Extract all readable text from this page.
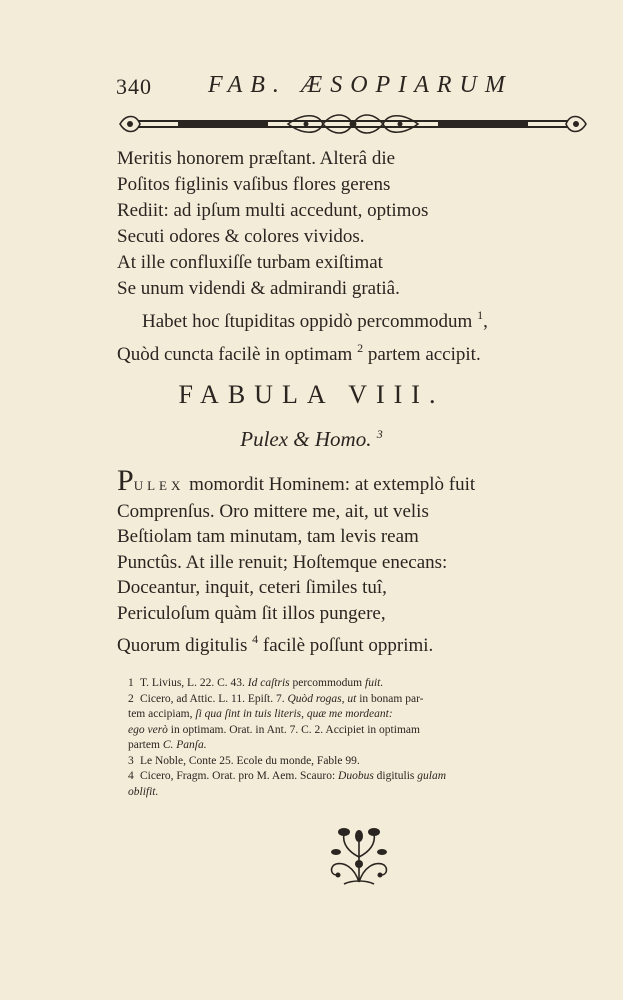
340 FAB. ÆSOPIARUM
Meritis honorem præſtant. Alterâ die
Poſitos figlinis vaſibus flores gerens
Rediit: ad ipſum multi accedunt, optimos
Secuti odores & colores vividos.
At ille confluxiſſe turbam exiſtimat
Se unum videndi & admirandi gratiâ.
Habet hoc ſtupiditas oppidò percommodum $^1$,
Quòd cuncta facilè in optimam $^2$ partem accipit.
FABULA VIII.
Pulex & Homo. $^3$
PULEX momordit Hominem: at extemplò fuit
Comprenſus. Oro mittere me, ait, ut velis
Beſtiolam tam minutam, tam levis ream
Punctûs. At ille renuit; Hoſtemque enecans:
Doceantur, inquit, ceteri ſimiles tuî,
Periculoſum quàm ſit illos pungere,
Quorum digitulis $^4$ facilè poſſunt opprimi.
1 T. Livius, L. 22. C. 43. Id caſtris percommodum fuit.
2 Cicero, ad Attic. L. 11. Epiſt. 7. Quòd rogas, ut in bonam par-
tem accipiam, ſi qua ſint in tuis literis, quæ me mordeant:
ego verò in optimam. Orat. in Ant. 7. C. 2. Accipiet in optimam
partem C. Panſa.
3 Le Noble, Conte 25. Ecole du monde, Fable 99.
4 Cicero, Fragm. Orat. pro M. Aem. Scauro: Duobus digitulis gulam
oblifit.
